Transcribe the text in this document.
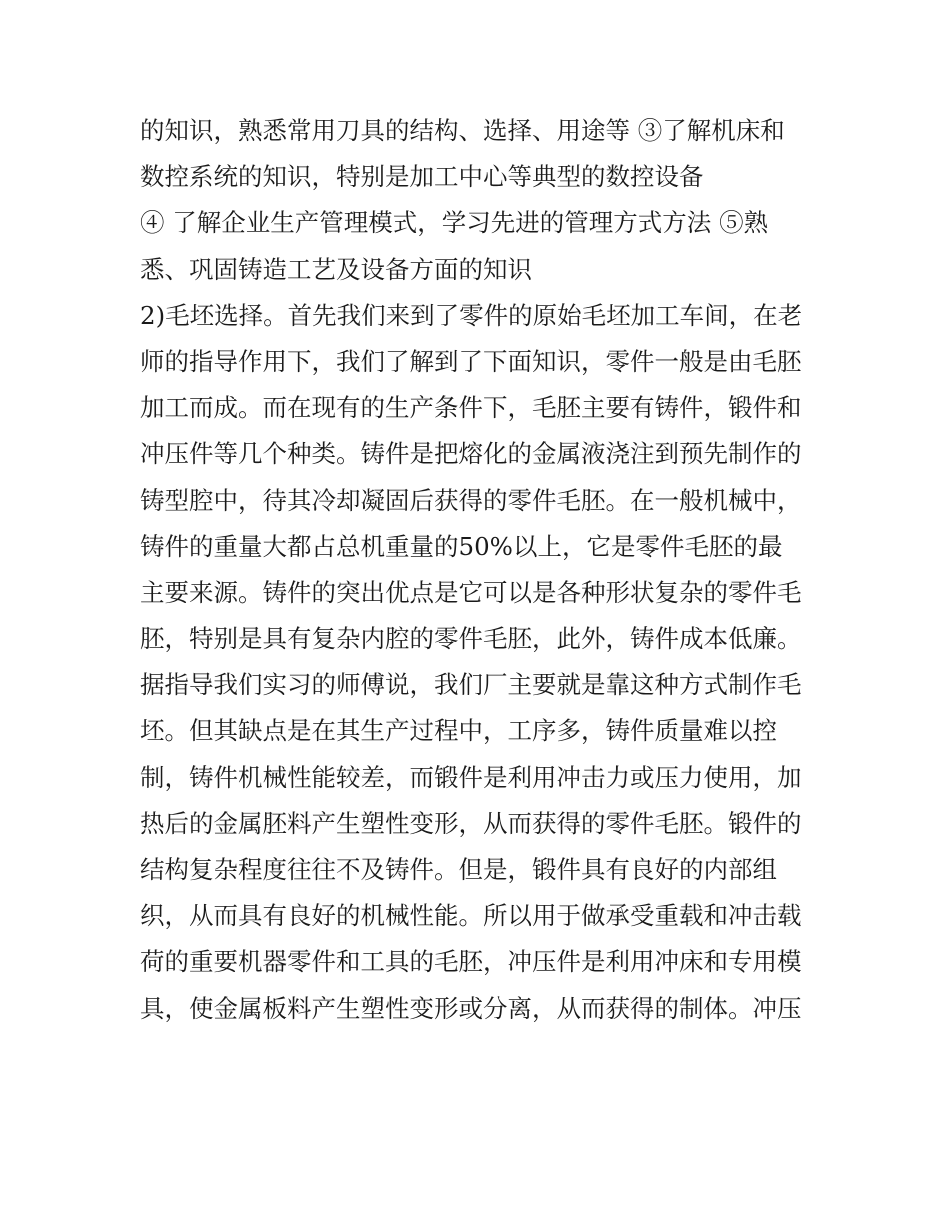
的知识，熟悉常用刀具的结构、选择、用途等 ③了解机床和
数控系统的知识，特别是加工中心等典型的数控设备
④ 了解企业生产管理模式，学习先进的管理方式方法 ⑤熟
悉、巩固铸造工艺及设备方面的知识
2)毛坯选择。首先我们来到了零件的原始毛坯加工车间，在老
师的指导作用下，我们了解到了下面知识，零件一般是由毛胚
加工而成。而在现有的生产条件下，毛胚主要有铸件，锻件和
冲压件等几个种类。铸件是把熔化的金属液浇注到预先制作的
铸型腔中，待其冷却凝固后获得的零件毛胚。在一般机械中，
铸件的重量大都占总机重量的50%以上，它是零件毛胚的最
主要来源。铸件的突出优点是它可以是各种形状复杂的零件毛
胚，特别是具有复杂内腔的零件毛胚，此外，铸件成本低廉。
据指导我们实习的师傅说，我们厂主要就是靠这种方式制作毛
坯。但其缺点是在其生产过程中，工序多，铸件质量难以控
制，铸件机械性能较差，而锻件是利用冲击力或压力使用，加
热后的金属胚料产生塑性变形，从而获得的零件毛胚。锻件的
结构复杂程度往往不及铸件。但是，锻件具有良好的内部组
织，从而具有良好的机械性能。所以用于做承受重载和冲击载
荷的重要机器零件和工具的毛胚，冲压件是利用冲床和专用模
具，使金属板料产生塑性变形或分离，从而获得的制体。冲压
